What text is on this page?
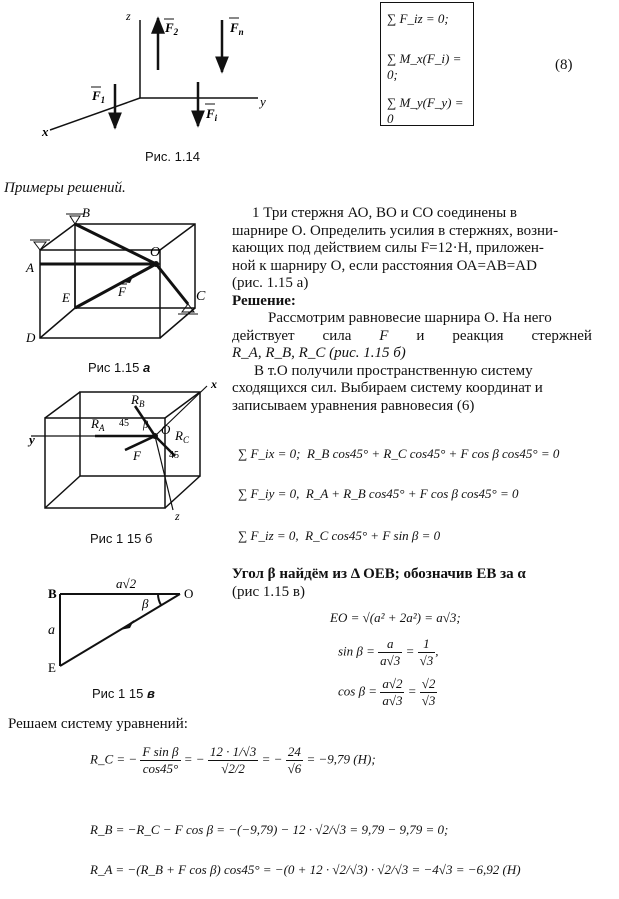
z
y
x
$F_2$	$F_n$
$F_1$
$F_i$
Рис. 1.14
∑ F_iz = 0;
∑ M_x(F_i) = 0;
∑ M_y(F_y) = 0
(8)
Примеры решений.
B
A
O
E	C
D
F
Рис 1.15 а
x
y
z
O
$R_A$
$R_B$
$R_C$
F
45 β
45
Рис 1 15 б
B
a√2
β
O
a
E
Рис 1 15 в
1 Три стержня АО, ВО и СО соединены в
шарнире О. Определить усилия в стержнях, возни-
кающих под действием силы F=12·H, приложен-
ной к шарниру О, если расстояния ОА=АВ=АD
(рис. 1.15 а)
Решение:
Рассмотрим равновесие шарнира О. На него
действует сила F и реакция стержней
R_A, R_B, R_C (рис. 1.15 б)
В т.О получили пространственную систему
сходящихся сил. Выбираем систему координат и
записываем уравнения равновесия (6)
∑ F_ix = 0; R_B cos45° + R_C cos45° + F cos β cos45° = 0
∑ F_iy = 0, R_A + R_B cos45° + F cos β cos45° = 0
∑ F_iz = 0, R_C cos45° + F sin β = 0
Угол β найдём из Δ ОЕВ; обозначив ЕВ за α
(рис 1.15 в)
EO = √(a² + 2a²) = a√3;
$\sin \beta = \frac{a}{a√3} = \frac{1}{√3}$ ,
$\cos \beta = \frac{a√2}{a√3} = \frac{√2}{√3}$
Решаем систему уравнений:
R_C = − $\frac{\text{F sin β}}{\cos 45^\circ}$ = − $\frac{12 \cdot 1/√3}{√2/2}$ = − $\frac{24}{√6} = -9,79$ (H);
R_B = −R_C − F cos β = −(−9,79) − 12 · √2/√3 = 9,79 − 9,79 = 0;
R_A = −(R_B + F cos β) cos45° = −(0 + 12 · √2/√3) · √2/√3 = −4√3 = −6,92 (H)
